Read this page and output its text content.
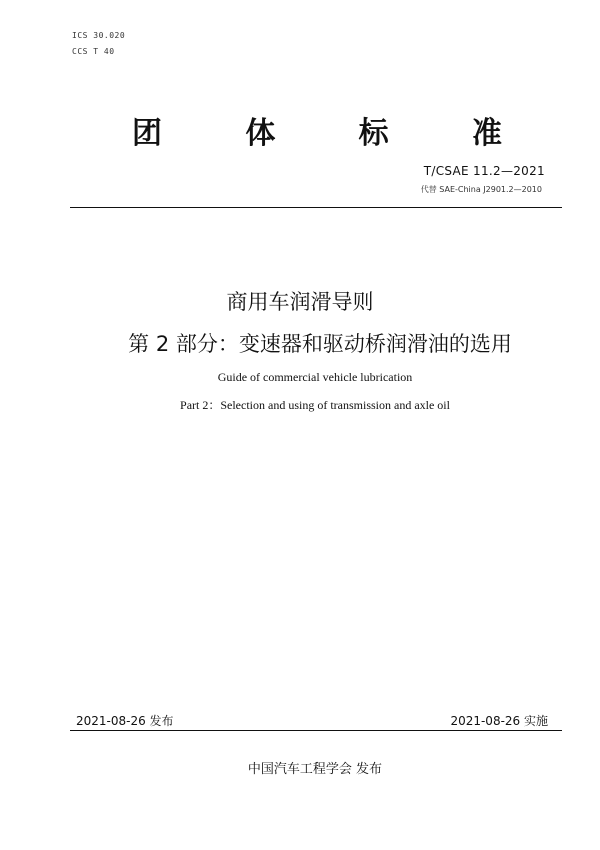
ICS 30.020
CCS T 40
团	体	标	准
T/CSAE 11.2—2021
代替 SAE-China J2901.2—2010
商用车润滑导则
第 2 部分：变速器和驱动桥润滑油的选用
Guide of commercial vehicle lubrication
Part 2：Selection and using of transmission and axle oil
2021-08-26 发布	2021-08-26 实施
中国汽车工程学会 发布
